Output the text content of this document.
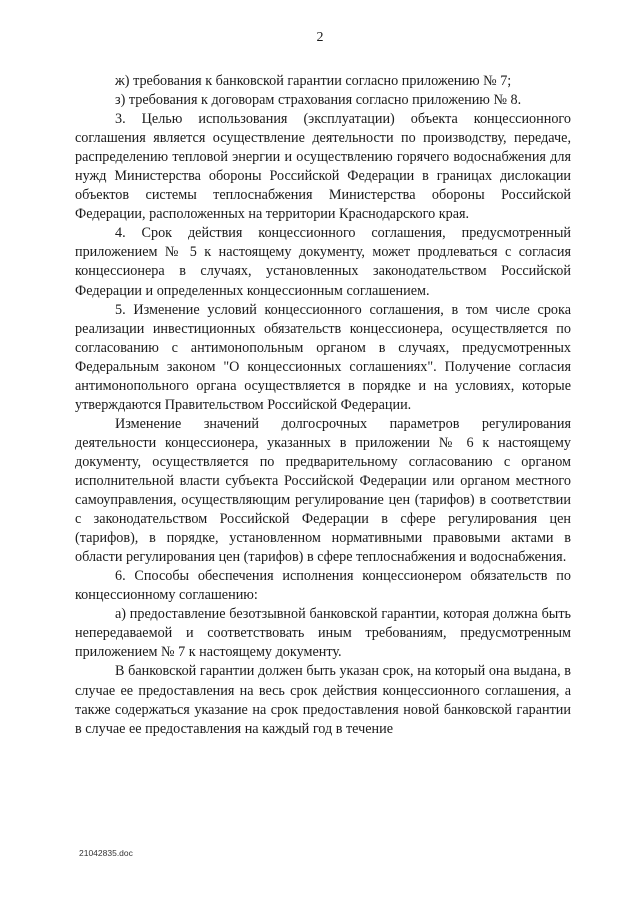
2

ж) требования к банковской гарантии согласно приложению № 7;

з) требования к договорам страхования согласно приложению № 8.

3. Целью использования (эксплуатации) объекта концессионного соглашения является осуществление деятельности по производству, передаче, распределению тепловой энергии и осуществлению горячего водоснабжения для нужд Министерства обороны Российской Федерации в границах дислокации объектов системы теплоснабжения Министерства обороны Российской Федерации, расположенных на территории Краснодарского края.

4. Срок действия концессионного соглашения, предусмотренный приложением № 5 к настоящему документу, может продлеваться с согласия концессионера в случаях, установленных законодательством Российской Федерации и определенных концессионным соглашением.

5. Изменение условий концессионного соглашения, в том числе срока реализации инвестиционных обязательств концессионера, осуществляется по согласованию с антимонопольным органом в случаях, предусмотренных Федеральным законом "О концессионных соглашениях". Получение согласия антимонопольного органа осуществляется в порядке и на условиях, которые утверждаются Правительством Российской Федерации.

Изменение значений долгосрочных параметров регулирования деятельности концессионера, указанных в приложении № 6 к настоящему документу, осуществляется по предварительному согласованию с органом исполнительной власти субъекта Российской Федерации или органом местного самоуправления, осуществляющим регулирование цен (тарифов) в соответствии с законодательством Российской Федерации в сфере регулирования цен (тарифов), в порядке, установленном нормативными правовыми актами в области регулирования цен (тарифов) в сфере теплоснабжения и водоснабжения.

6. Способы обеспечения исполнения концессионером обязательств по концессионному соглашению:

а) предоставление безотзывной банковской гарантии, которая должна быть непередаваемой и соответствовать иным требованиям, предусмотренным приложением № 7 к настоящему документу.

В банковской гарантии должен быть указан срок, на который она выдана, в случае ее предоставления на весь срок действия концессионного соглашения, а также содержаться указание на срок предоставления новой банковской гарантии в случае ее предоставления на каждый год в течение

21042835.doc
